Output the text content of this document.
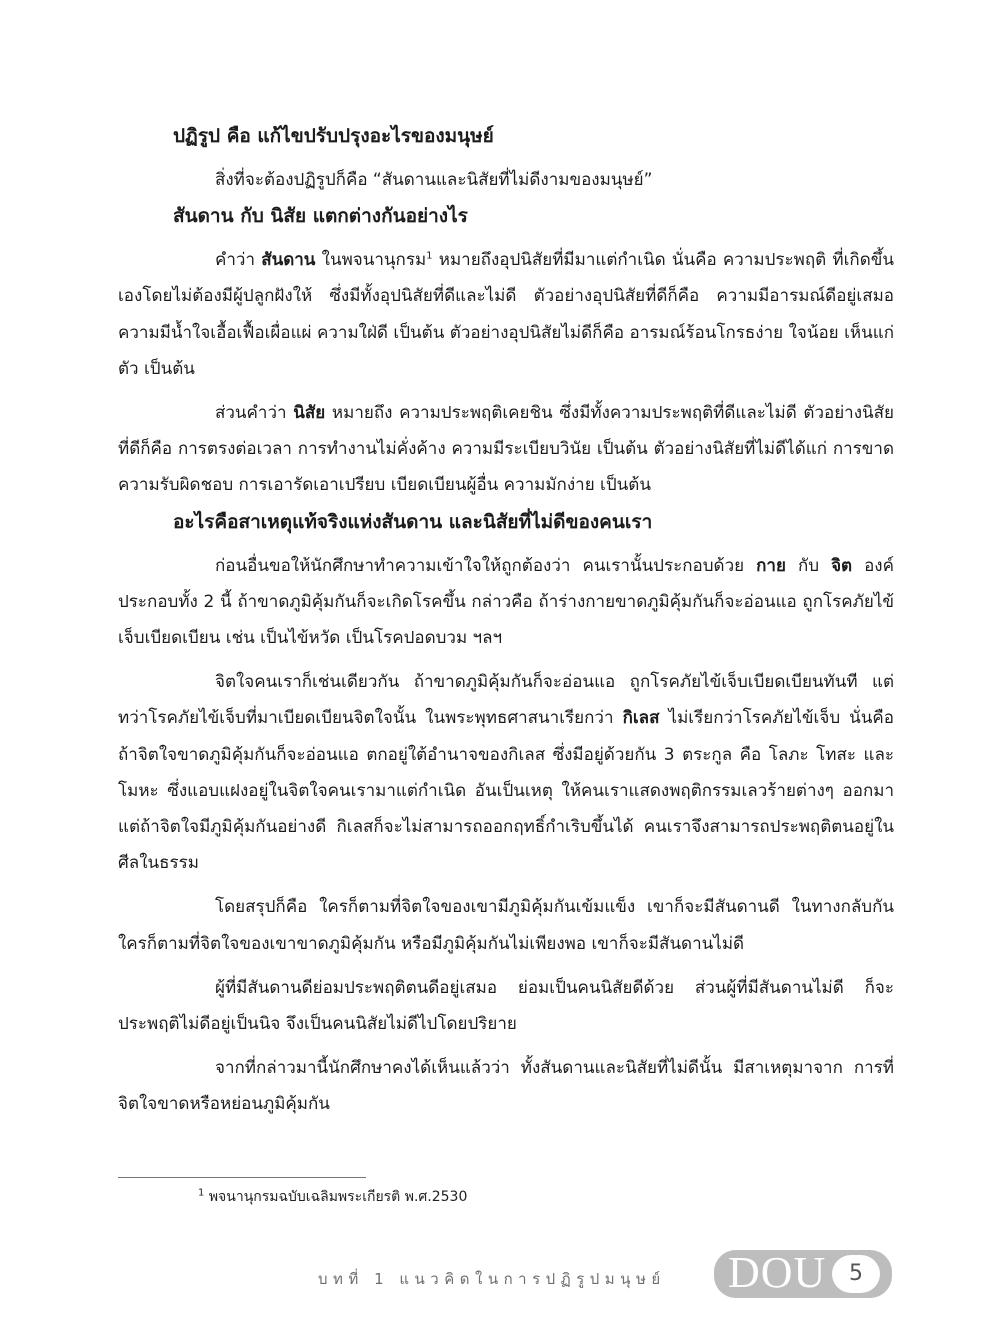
ปฏิรูป คือ แก้ไขปรับปรุงอะไรของมนุษย์

สิ่งที่จะต้องปฏิรูปก็คือ “สันดานและนิสัยที่ไม่ดีงามของมนุษย์”

สันดาน กับ นิสัย แตกต่างกันอย่างไร

คำว่า สันดาน ในพจนานุกรม$^1$ หมายถึงอุปนิสัยที่มีมาแต่กำเนิด นั่นคือ ความประพฤติ ที่เกิดขึ้นเองโดยไม่ต้องมีผู้ปลูกฝังให้ ซึ่งมีทั้งอุปนิสัยที่ดีและไม่ดี ตัวอย่างอุปนิสัยที่ดีก็คือ ความมีอารมณ์ดีอยู่เสมอ ความมีน้ำใจเอื้อเฟื้อเผื่อแผ่ ความใฝ่ดี เป็นต้น ตัวอย่างอุปนิสัยไม่ดีก็คือ อารมณ์ร้อนโกรธง่าย ใจน้อย เห็นแก่ตัว เป็นต้น

ส่วนคำว่า นิสัย หมายถึง ความประพฤติเคยชิน ซึ่งมีทั้งความประพฤติที่ดีและไม่ดี ตัวอย่างนิสัยที่ดีก็คือ การตรงต่อเวลา การทำงานไม่คั่งค้าง ความมีระเบียบวินัย เป็นต้น ตัวอย่างนิสัยที่ไม่ดีได้แก่ การขาดความรับผิดชอบ การเอารัดเอาเปรียบ เบียดเบียนผู้อื่น ความมักง่าย เป็นต้น

อะไรคือสาเหตุแท้จริงแห่งสันดาน และนิสัยที่ไม่ดีของคนเรา

ก่อนอื่นขอให้นักศึกษาทำความเข้าใจให้ถูกต้องว่า คนเรานั้นประกอบด้วย กาย กับ จิต องค์ประกอบทั้ง 2 นี้ ถ้าขาดภูมิคุ้มกันก็จะเกิดโรคขึ้น กล่าวคือ ถ้าร่างกายขาดภูมิคุ้มกันก็จะอ่อนแอ ถูกโรคภัยไข้เจ็บเบียดเบียน เช่น เป็นไข้หวัด เป็นโรคปอดบวม ฯลฯ

จิตใจคนเราก็เช่นเดียวกัน ถ้าขาดภูมิคุ้มกันก็จะอ่อนแอ ถูกโรคภัยไข้เจ็บเบียดเบียนทันที แต่ทว่าโรคภัยไข้เจ็บที่มาเบียดเบียนจิตใจนั้น ในพระพุทธศาสนาเรียกว่า กิเลส ไม่เรียกว่าโรคภัยไข้เจ็บ นั่นคือ ถ้าจิตใจขาดภูมิคุ้มกันก็จะอ่อนแอ ตกอยู่ใต้อำนาจของกิเลส ซึ่งมีอยู่ด้วยกัน 3 ตระกูล คือ โลภะ โทสะ และ โมหะ ซึ่งแอบแฝงอยู่ในจิตใจคนเรามาแต่กำเนิด อันเป็นเหตุ ให้คนเราแสดงพฤติกรรมเลวร้ายต่างๆ ออกมา แต่ถ้าจิตใจมีภูมิคุ้มกันอย่างดี กิเลสก็จะไม่สามารถออกฤทธิ์กำเริบขึ้นได้ คนเราจึงสามารถประพฤติตนอยู่ในศีลในธรรม

โดยสรุปก็คือ ใครก็ตามที่จิตใจของเขามีภูมิคุ้มกันเข้มแข็ง เขาก็จะมีสันดานดี ในทางกลับกัน ใครก็ตามที่จิตใจของเขาขาดภูมิคุ้มกัน หรือมีภูมิคุ้มกันไม่เพียงพอ เขาก็จะมีสันดานไม่ดี

ผู้ที่มีสันดานดีย่อมประพฤติตนดีอยู่เสมอ ย่อมเป็นคนนิสัยดีด้วย ส่วนผู้ที่มีสันดานไม่ดี ก็จะประพฤติไม่ดีอยู่เป็นนิจ จึงเป็นคนนิสัยไม่ดีไปโดยปริยาย

จากที่กล่าวมานี้นักศึกษาคงได้เห็นแล้วว่า ทั้งสันดานและนิสัยที่ไม่ดีนั้น มีสาเหตุมาจาก การที่จิตใจขาดหรือหย่อนภูมิคุ้มกัน

$^1$ พจนานุกรมฉบับเฉลิมพระเกียรติ พ.ศ.2530
บทที่ 1 แนวคิดในการปฏิรูปมนุษย์ DOU	5
